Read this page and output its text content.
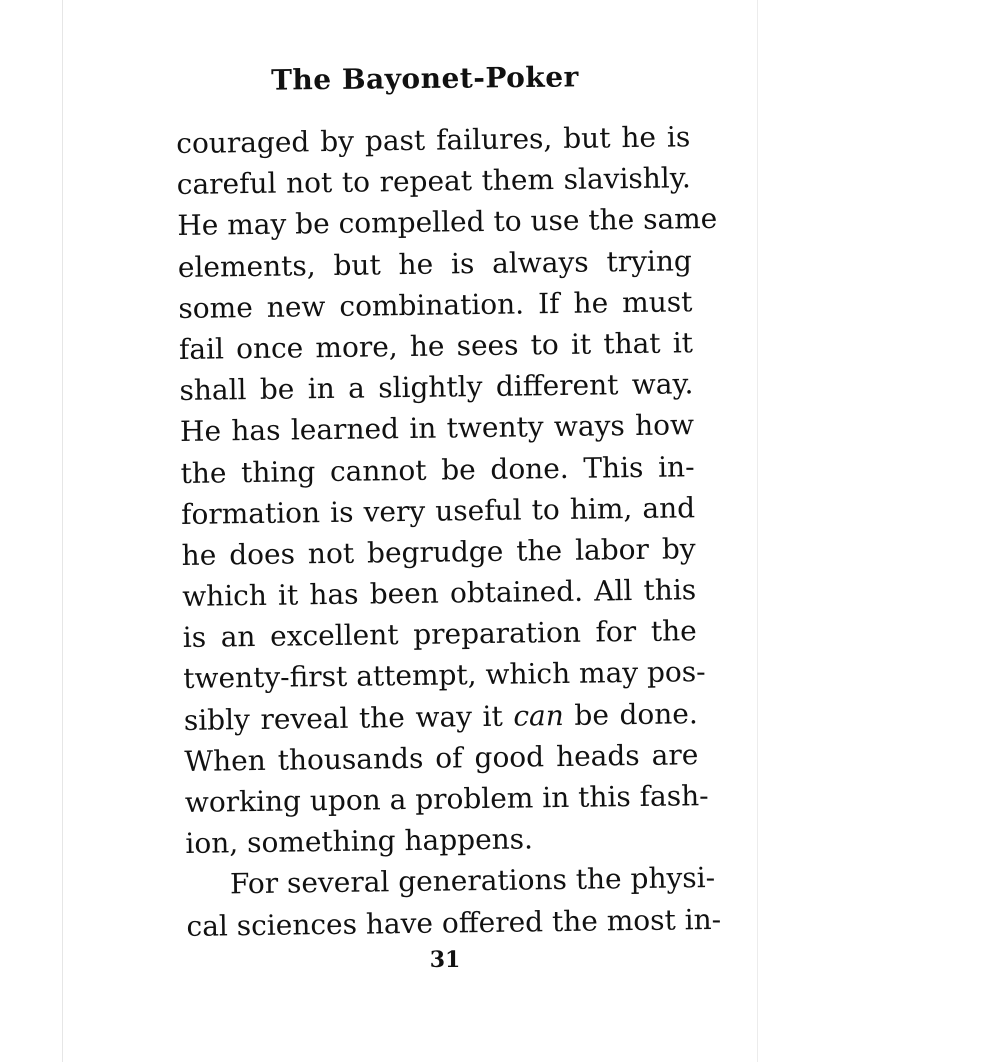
The Bayonet-Poker
couraged by past failures, but he is
careful not to repeat them slavishly.
He may be compelled to use the same
elements, but he is always trying
some new combination. If he must
fail once more, he sees to it that it
shall be in a slightly different way.
He has learned in twenty ways how
the thing cannot be done. This in-
formation is very useful to him, and
he does not begrudge the labor by
which it has been obtained. All this
is an excellent preparation for the
twenty-first attempt, which may pos-
sibly reveal the way it can be done.
When thousands of good heads are
working upon a problem in this fash-
ion, something happens.
For several generations the physi-
cal sciences have offered the most in-
31
